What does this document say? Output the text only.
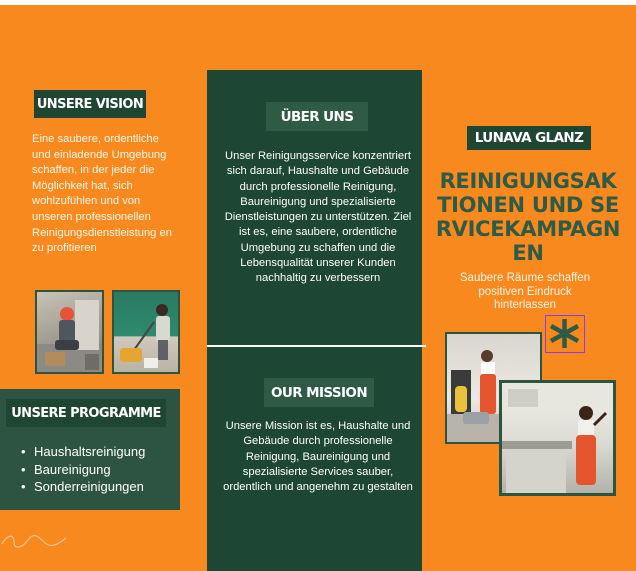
UNSERE VISION

Eine saubere, ordentliche und einladende Umgebung schaffen, in der jeder die Möglichkeit hat, sich wohlzufühlen und von unseren professionellen Reinigungsdienstleistung en zu profitieren

UNSERE PROGRAMME
• Haushaltsreinigung
• Baureinigung
• Sonderreinigungen
ÜBER UNS

Unser Reinigungsservice konzentriert sich darauf, Haushalte und Gebäude durch professionelle Reinigung, Baureinigung und spezialisierte Dienstleistungen zu unterstützen. Ziel ist es, eine saubere, ordentliche Umgebung zu schaffen und die Lebensqualität unserer Kunden nachhaltig zu verbessern

OUR MISSION

Unsere Mission ist es, Haushalte und Gebäude durch professionelle Reinigung, Baureinigung und spezialisierte Services sauber, ordentlich und angenehm zu gestalten

LUNAVA GLANZ
REINIGUNGSAKTIONEN UND SERVICEKAMPAGNEN

Saubere Räume schaffen positiven Eindruck hinterlassen
